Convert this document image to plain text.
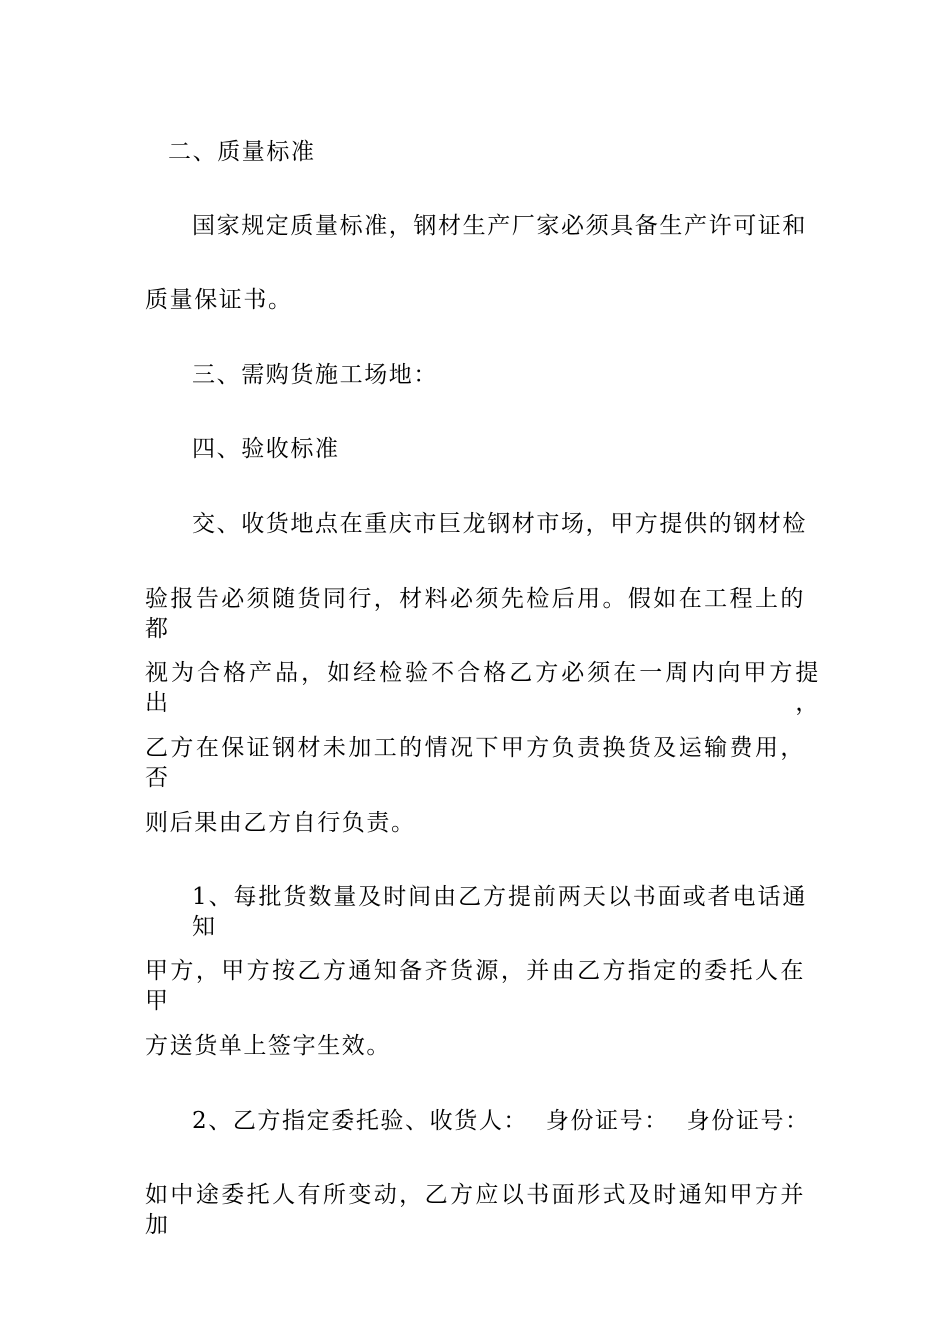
二、质量标准
国家规定质量标准，钢材生产厂家必须具备生产许可证和
质量保证书。
三、需购货施工场地：
四、验收标准
交、收货地点在重庆市巨龙钢材市场，甲方提供的钢材检
验报告必须随货同行，材料必须先检后用。假如在工程上的都
视为合格产品，如经检验不合格乙方必须在一周内向甲方提出，
乙方在保证钢材未加工的情况下甲方负责换货及运输费用，否
则后果由乙方自行负责。
1、每批货数量及时间由乙方提前两天以书面或者电话通知
甲方，甲方按乙方通知备齐货源，并由乙方指定的委托人在甲
方送货单上签字生效。
2、乙方指定委托验、收货人：  身份证号：  身份证号：
如中途委托人有所变动，乙方应以书面形式及时通知甲方并加
